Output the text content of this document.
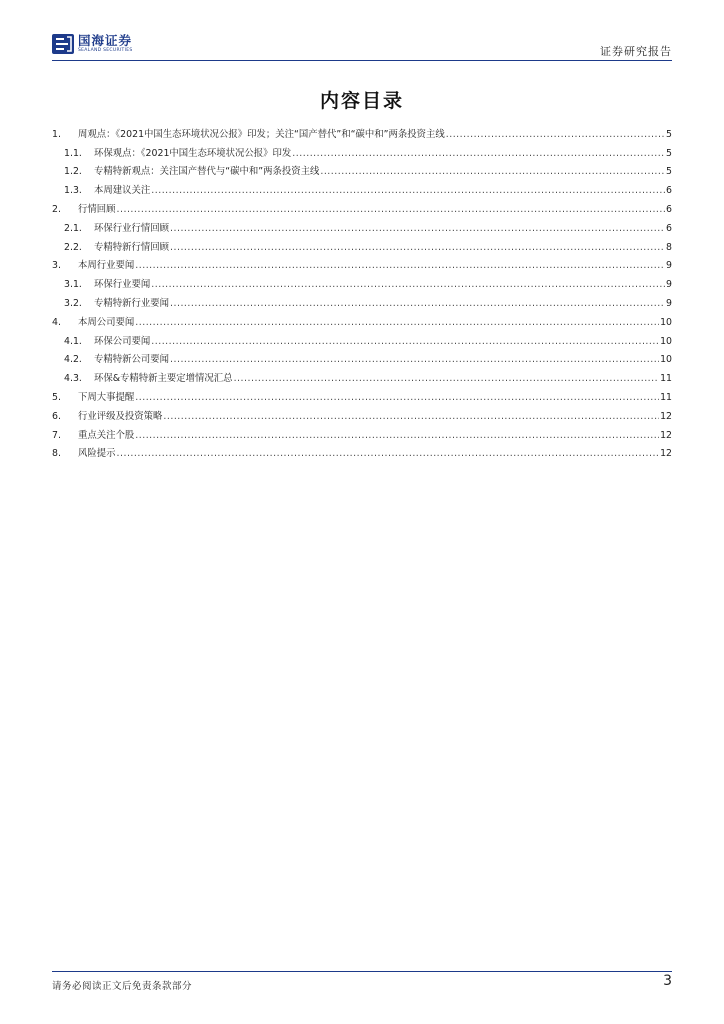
国海证券
SEALAND SECURITIES	证券研究报告
内容目录
1.	周观点：《2021中国生态环境状况公报》印发；关注“国产替代”和“碳中和”两条投资主线 .....	5
1.1.	环保观点：《2021中国生态环境状况公报》印发 .....	5
1.2.	专精特新观点：关注国产替代与“碳中和”两条投资主线 .....	5
1.3.	本周建议关注 .....	6
2.	行情回顾 .....	6
2.1.	环保行业行情回顾 .....	6
2.2.	专精特新行情回顾 .....	8
3.	本周行业要闻 .....	9
3.1.	环保行业要闻 .....	9
3.2.	专精特新行业要闻 .....	9
4.	本周公司要闻 .....	10
4.1.	环保公司要闻 .....	10
4.2.	专精特新公司要闻 .....	10
4.3.	环保&专精特新主要定增情况汇总 .....	11
5.	下周大事提醒 .....	11
6.	行业评级及投资策略 .....	12
7.	重点关注个股 .....	12
8.	风险提示 .....	12
请务必阅读正文后免责条款部分	3
